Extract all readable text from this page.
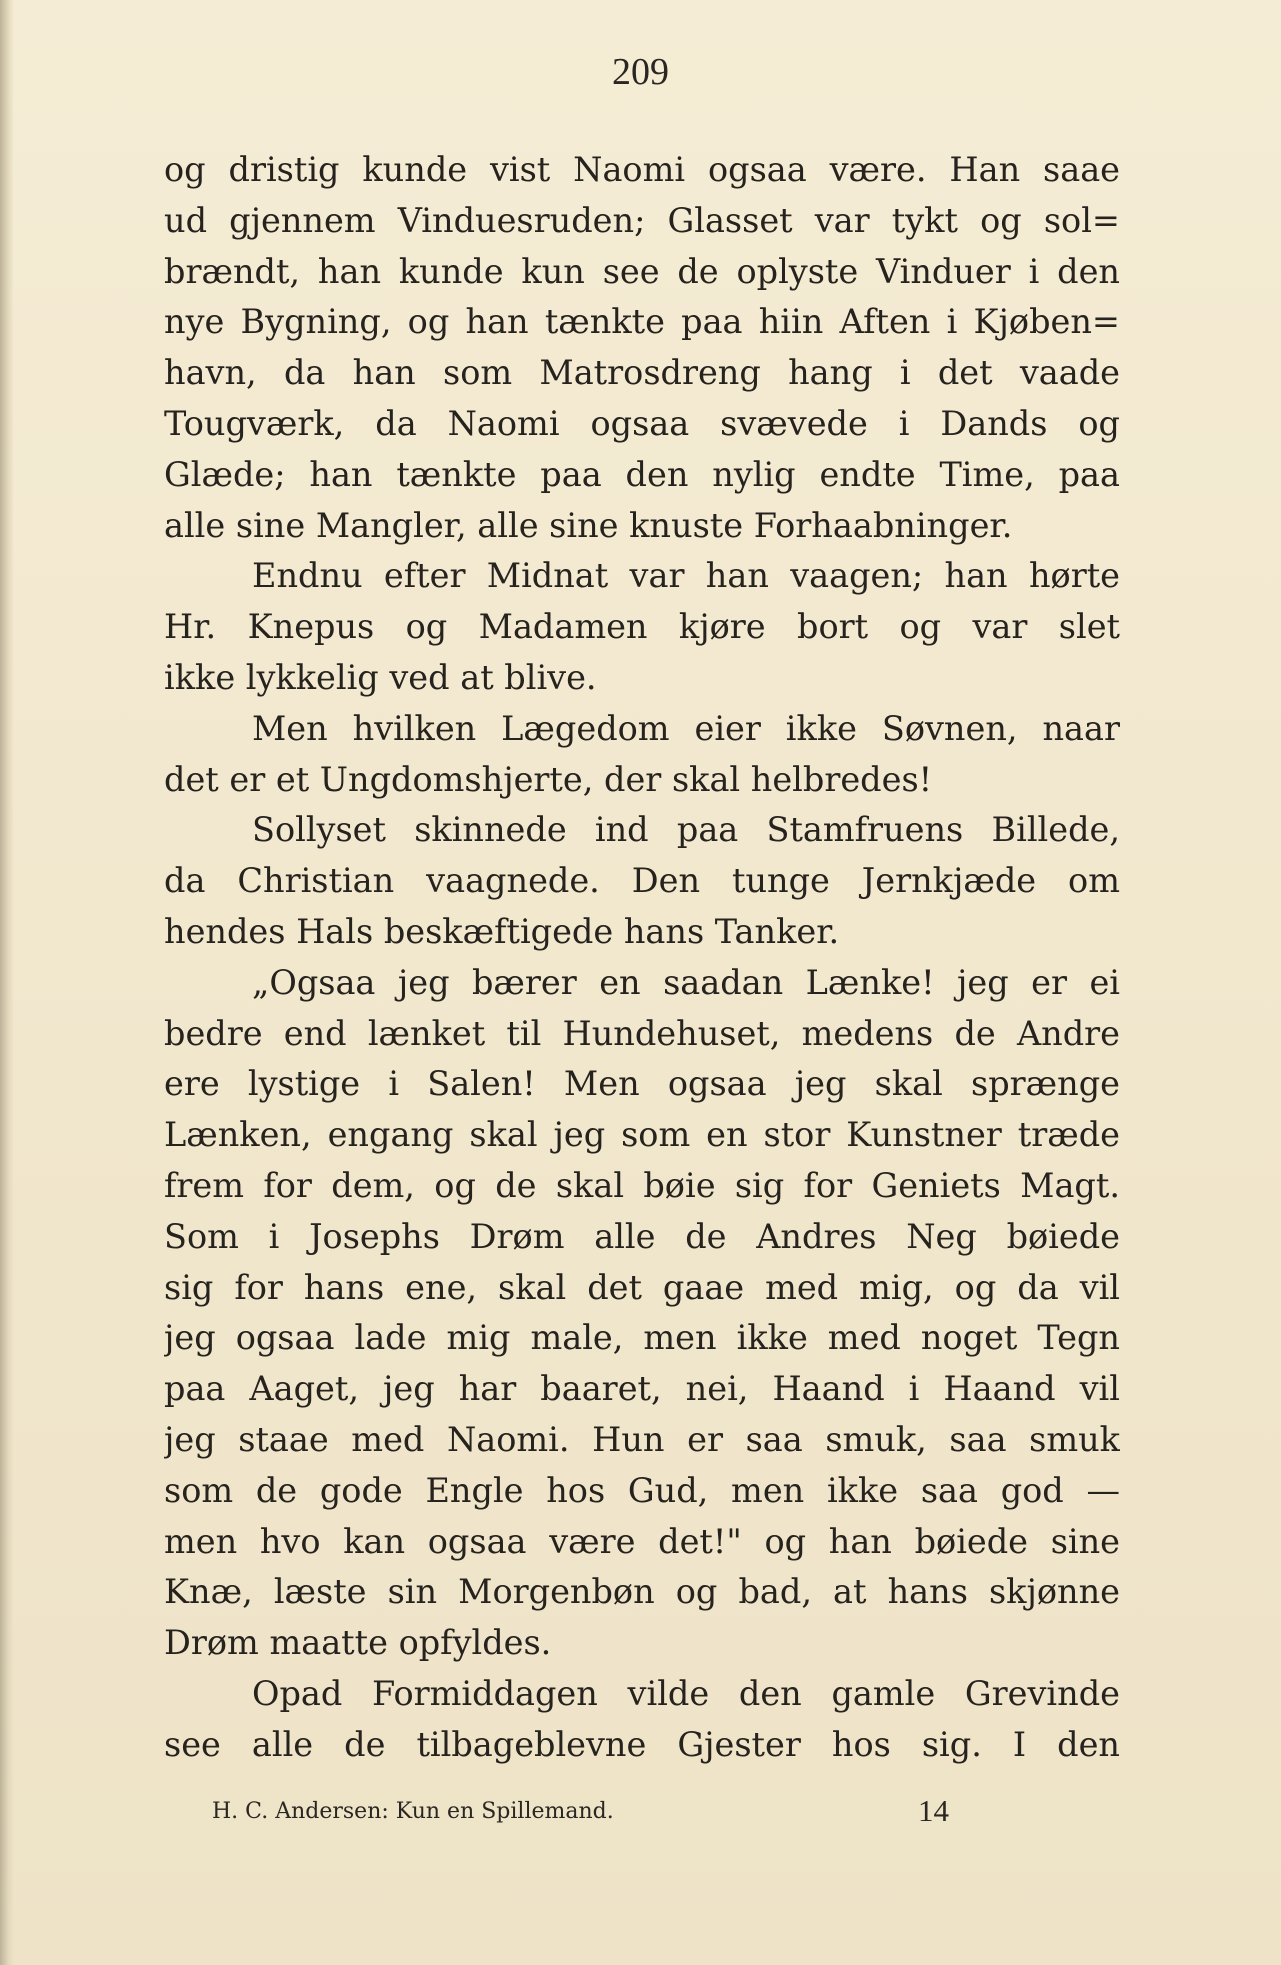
209
og dristig kunde vist Naomi ogsaa være. Han saae
ud gjennem Vinduesruden; Glasset var tykt og sol=
brændt, han kunde kun see de oplyste Vinduer i den
nye Bygning, og han tænkte paa hiin Aften i Kjøben=
havn, da han som Matrosdreng hang i det vaade
Tougværk, da Naomi ogsaa svævede i Dands og
Glæde; han tænkte paa den nylig endte Time, paa
alle sine Mangler, alle sine knuste Forhaabninger.
Endnu efter Midnat var han vaagen; han hørte
Hr. Knepus og Madamen kjøre bort og var slet
ikke lykkelig ved at blive.
Men hvilken Lægedom eier ikke Søvnen, naar
det er et Ungdomshjerte, der skal helbredes!
Sollyset skinnede ind paa Stamfruens Billede,
da Christian vaagnede. Den tunge Jernkjæde om
hendes Hals beskæftigede hans Tanker.
„Ogsaa jeg bærer en saadan Lænke! jeg er ei
bedre end lænket til Hundehuset, medens de Andre
ere lystige i Salen! Men ogsaa jeg skal sprænge
Lænken, engang skal jeg som en stor Kunstner træde
frem for dem, og de skal bøie sig for Geniets Magt.
Som i Josephs Drøm alle de Andres Neg bøiede
sig for hans ene, skal det gaae med mig, og da vil
jeg ogsaa lade mig male, men ikke med noget Tegn
paa Aaget, jeg har baaret, nei, Haand i Haand vil
jeg staae med Naomi. Hun er saa smuk, saa smuk
som de gode Engle hos Gud, men ikke saa god —
men hvo kan ogsaa være det!" og han bøiede sine
Knæ, læste sin Morgenbøn og bad, at hans skjønne
Drøm maatte opfyldes.
Opad Formiddagen vilde den gamle Grevinde
see alle de tilbageblevne Gjester hos sig. I den
H. C. Andersen: Kun en Spillemand.	14
